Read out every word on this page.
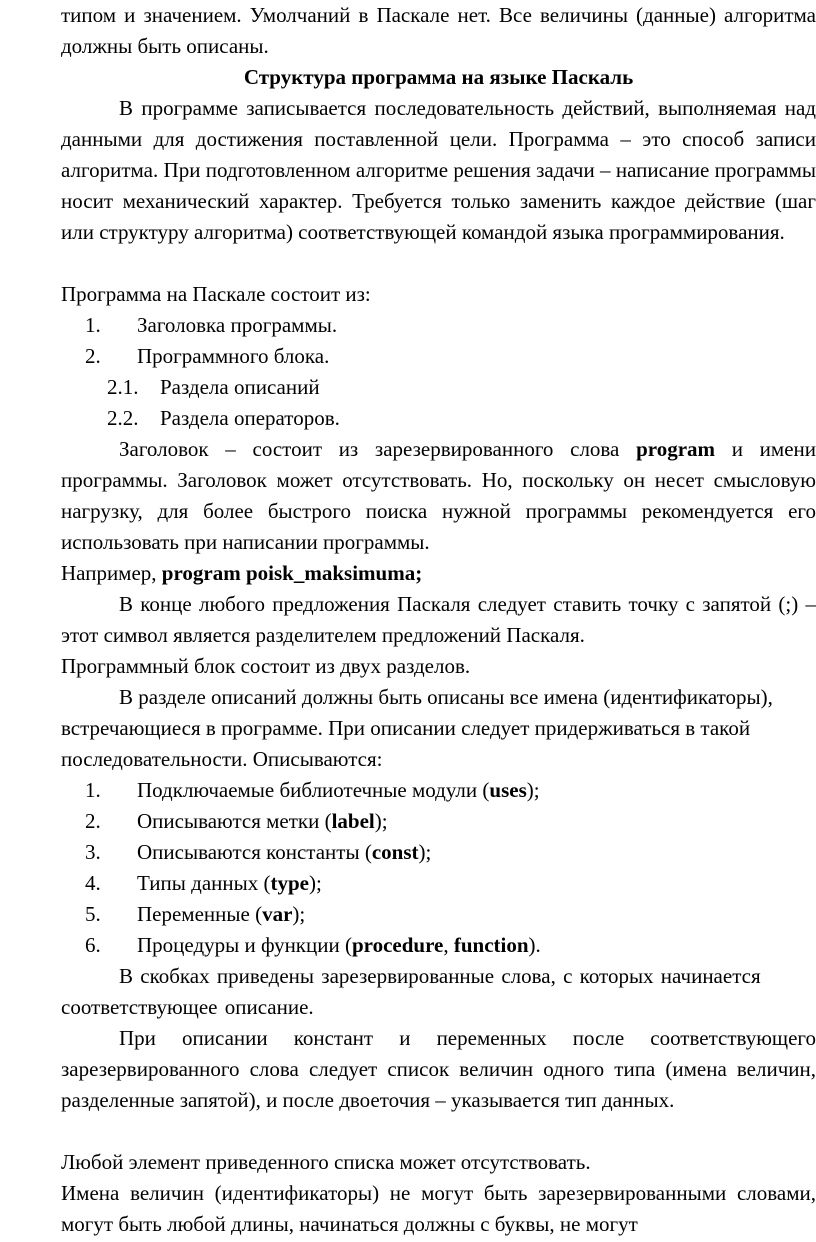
типом и значением. Умолчаний в Паскале нет. Все величины (данные) алгоритма должны быть описаны.

Структура программа на языке Паскаль

В программе записывается последовательность действий, выполняемая над данными для достижения поставленной цели. Программа – это способ записи алгоритма. При подготовленном алгоритме решения задачи – написание программы носит механический характер. Требуется только заменить каждое действие (шаг или структуру алгоритма) соответствующей командой языка программирования.

Программа на Паскале состоит из:

1. Заголовка программы.
2. Программного блока.
2.1. Раздела описаний
2.2. Раздела операторов.

Заголовок – состоит из зарезервированного слова program и имени программы. Заголовок может отсутствовать. Но, поскольку он несет смысловую нагрузку, для более быстрого поиска нужной программы рекомендуется его использовать при написании программы.

Например, program poisk_maksimuma;

В конце любого предложения Паскаля следует ставить точку с запятой (;) – этот символ является разделителем предложений Паскаля.

Программный блок состоит из двух разделов.

В разделе описаний должны быть описаны все имена (идентификаторы), встречающиеся в программе. При описании следует придерживаться в такой последовательности. Описываются:

1. Подключаемые библиотечные модули (uses);
2. Описываются метки (label);
3. Описываются константы (const);
4. Типы данных (type);
5. Переменные (var);
6. Процедуры и функции (procedure, function).

В скобках приведены зарезервированные слова, с которых начинается соответствующее описание.

При описании констант и переменных после соответствующего зарезервированного слова следует список величин одного типа (имена величин, разделенные запятой), и после двоеточия – указывается тип данных.

Любой элемент приведенного списка может отсутствовать.

Имена величин (идентификаторы) не могут быть зарезервированными словами, могут быть любой длины, начинаться должны с буквы, не могут
